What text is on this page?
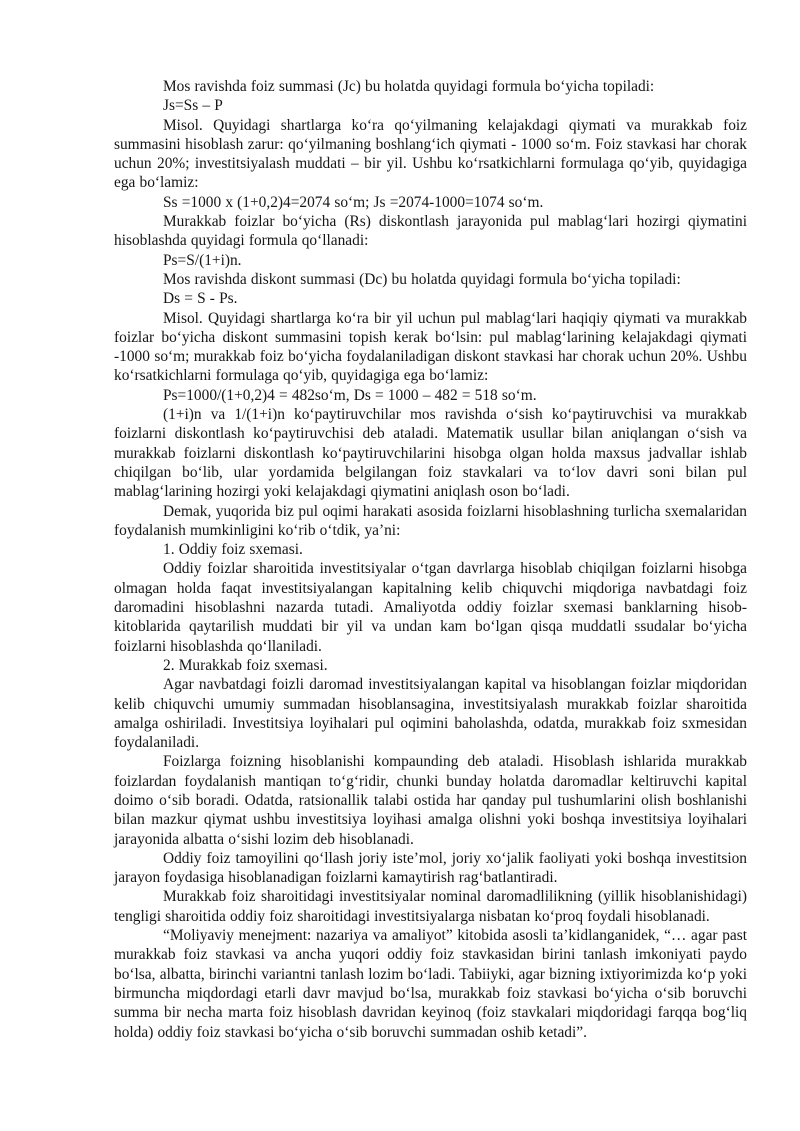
Mos ravishda foiz summasi (Jc) bu holatda quyidagi formula bo‘yicha topiladi:

Js=Ss – P

Misol. Quyidagi shartlarga ko‘ra qo‘yilmaning kelajakdagi qiymati va murakkab foiz summasini hisoblash zarur: qo‘yilmaning boshlang‘ich qiymati - 1000 so‘m. Foiz stavkasi har chorak uchun 20%; investitsiyalash muddati – bir yil. Ushbu ko‘rsatkichlarni formulaga qo‘yib, quyidagiga ega bo‘lamiz:

Ss =1000 x (1+0,2)4=2074 so‘m; Js =2074-1000=1074 so‘m.

Murakkab foizlar bo‘yicha (Rs) diskontlash jarayonida pul mablag‘lari hozirgi qiymatini hisoblashda quyidagi formula qo‘llanadi:

Ps=S/(1+i)n.

Mos ravishda diskont summasi (Dc) bu holatda quyidagi formula bo‘yicha topiladi:

Ds = S - Ps.

Misol. Quyidagi shartlarga ko‘ra bir yil uchun pul mablag‘lari haqiqiy qiymati va murakkab foizlar bo‘yicha diskont summasini topish kerak bo‘lsin: pul mablag‘larining kelajakdagi qiymati -1000 so‘m; murakkab foiz bo‘yicha foydalaniladigan diskont stavkasi har chorak uchun 20%. Ushbu ko‘rsatkichlarni formulaga qo‘yib, quyidagiga ega bo‘lamiz:

Ps=1000/(1+0,2)4 = 482so‘m, Ds = 1000 – 482 = 518 so‘m.

(1+i)n va 1/(1+i)n ko‘paytiruvchilar mos ravishda o‘sish ko‘paytiruvchisi va murakkab foizlarni diskontlash ko‘paytiruvchisi deb ataladi. Matematik usullar bilan aniqlangan o‘sish va murakkab foizlarni diskontlash ko‘paytiruvchilarini hisobga olgan holda maxsus jadvallar ishlab chiqilgan bo‘lib, ular yordamida belgilangan foiz stavkalari va to‘lov davri soni bilan pul mablag‘larining hozirgi yoki kelajakdagi qiymatini aniqlash oson bo‘ladi.

Demak, yuqorida biz pul oqimi harakati asosida foizlarni hisoblashning turlicha sxemalaridan foydalanish mumkinligini ko‘rib o‘tdik, ya’ni:

1. Oddiy foiz sxemasi.

Oddiy foizlar sharoitida investitsiyalar o‘tgan davrlarga hisoblab chiqilgan foizlarni hisobga olmagan holda faqat investitsiyalangan kapitalning kelib chiquvchi miqdoriga navbatdagi foiz daromadini hisoblashni nazarda tutadi. Amaliyotda oddiy foizlar sxemasi banklarning hisob-kitoblarida qaytarilish muddati bir yil va undan kam bo‘lgan qisqa muddatli ssudalar bo‘yicha foizlarni hisoblashda qo‘llaniladi.

2. Murakkab foiz sxemasi.

Agar navbatdagi foizli daromad investitsiyalangan kapital va hisoblangan foizlar miqdoridan kelib chiquvchi umumiy summadan hisoblansagina, investitsiyalash murakkab foizlar sharoitida amalga oshiriladi. Investitsiya loyihalari pul oqimini baholashda, odatda, murakkab foiz sxmesidan foydalaniladi.

Foizlarga foizning hisoblanishi kompaunding deb ataladi. Hisoblash ishlarida murakkab foizlardan foydalanish mantiqan to‘g‘ridir, chunki bunday holatda daromadlar keltiruvchi kapital doimo o‘sib boradi. Odatda, ratsionallik talabi ostida har qanday pul tushumlarini olish boshlanishi bilan mazkur qiymat ushbu investitsiya loyihasi amalga olishni yoki boshqa investitsiya loyihalari jarayonida albatta o‘sishi lozim deb hisoblanadi.

Oddiy foiz tamoyilini qo‘llash joriy iste’mol, joriy xo‘jalik faoliyati yoki boshqa investitsion jarayon foydasiga hisoblanadigan foizlarni kamaytirish rag‘batlantiradi.

Murakkab foiz sharoitidagi investitsiyalar nominal daromadlilikning (yillik hisoblanishidagi) tengligi sharoitida oddiy foiz sharoitidagi investitsiyalarga nisbatan ko‘proq foydali hisoblanadi.

“Moliyaviy menejment: nazariya va amaliyot” kitobida asosli ta’kidlanganidek, “… agar past murakkab foiz stavkasi va ancha yuqori oddiy foiz stavkasidan birini tanlash imkoniyati paydo bo‘lsa, albatta, birinchi variantni tanlash lozim bo‘ladi. Tabiiyki, agar bizning ixtiyorimizda ko‘p yoki birmuncha miqdordagi etarli davr mavjud bo‘lsa, murakkab foiz stavkasi bo‘yicha o‘sib boruvchi summa bir necha marta foiz hisoblash davridan keyinoq (foiz stavkalari miqdoridagi farqqa bog‘liq holda) oddiy foiz stavkasi bo‘yicha o‘sib boruvchi summadan oshib ketadi”.
